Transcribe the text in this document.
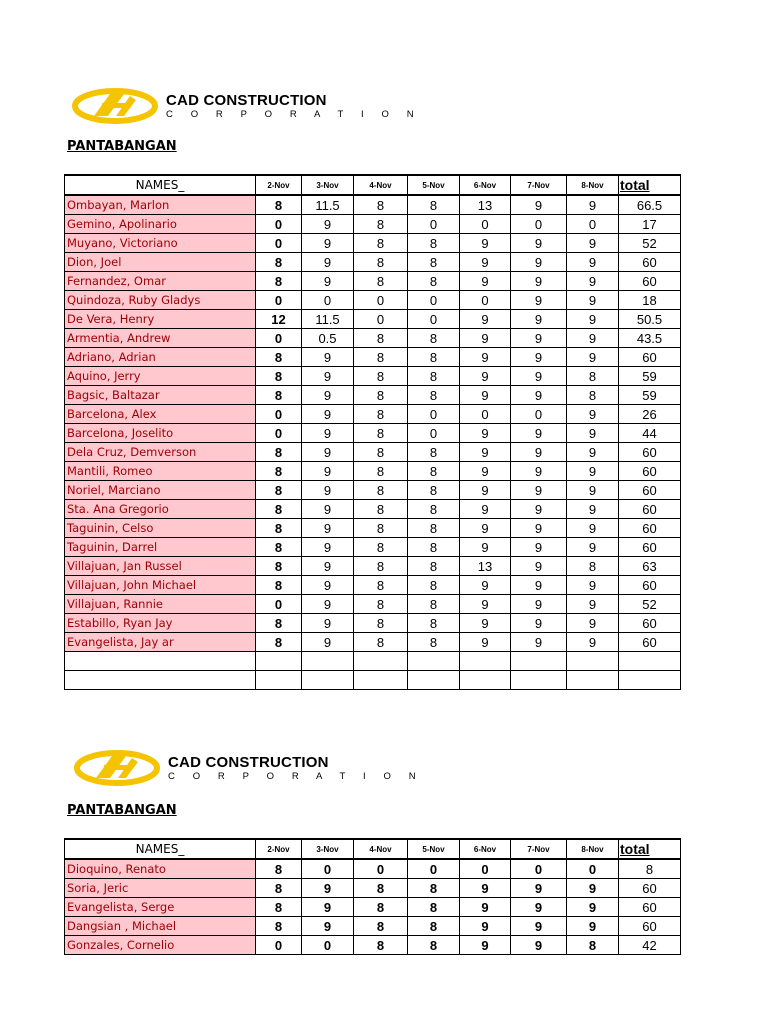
CAD CONSTRUCTION
C O R P O R A T I O N
PANTABANGAN
NAMES_	2-Nov	3-Nov	4-Nov	5-Nov	6-Nov	7-Nov	8-Nov	total
Ombayan, Marlon	8	11.5	8	8	13	9	9	66.5
Gemino, Apolinario	0	9	8	0	0	0	0	17
Muyano, Victoriano	0	9	8	8	9	9	9	52
Dion, Joel	8	9	8	8	9	9	9	60
Fernandez, Omar	8	9	8	8	9	9	9	60
Quindoza, Ruby Gladys	0	0	0	0	0	9	9	18
De Vera, Henry	12	11.5	0	0	9	9	9	50.5
Armentia, Andrew	0	0.5	8	8	9	9	9	43.5
Adriano, Adrian	8	9	8	8	9	9	9	60
Aquino, Jerry	8	9	8	8	9	9	8	59
Bagsic, Baltazar	8	9	8	8	9	9	8	59
Barcelona, Alex	0	9	8	0	0	0	9	26
Barcelona, Joselito	0	9	8	0	9	9	9	44
Dela Cruz, Demverson	8	9	8	8	9	9	9	60
Mantili, Romeo	8	9	8	8	9	9	9	60
Noriel, Marciano	8	9	8	8	9	9	9	60
Sta. Ana Gregorio	8	9	8	8	9	9	9	60
Taguinin, Celso	8	9	8	8	9	9	9	60
Taguinin, Darrel	8	9	8	8	9	9	9	60
Villajuan, Jan Russel	8	9	8	8	13	9	8	63
Villajuan, John Michael	8	9	8	8	9	9	9	60
Villajuan, Rannie	0	9	8	8	9	9	9	52
Estabillo, Ryan Jay	8	9	8	8	9	9	9	60
Evangelista, Jay ar	8	9	8	8	9	9	9	60

CAD CONSTRUCTION
C O R P O R A T I O N
PANTABANGAN
NAMES_	2-Nov	3-Nov	4-Nov	5-Nov	6-Nov	7-Nov	8-Nov	total
Dioquino, Renato	8	0	0	0	0	0	0	8
Soria, Jeric	8	9	8	8	9	9	9	60
Evangelista, Serge	8	9	8	8	9	9	9	60
Dangsian , Michael	8	9	8	8	9	9	9	60
Gonzales, Cornelio	0	0	8	8	9	9	8	42
